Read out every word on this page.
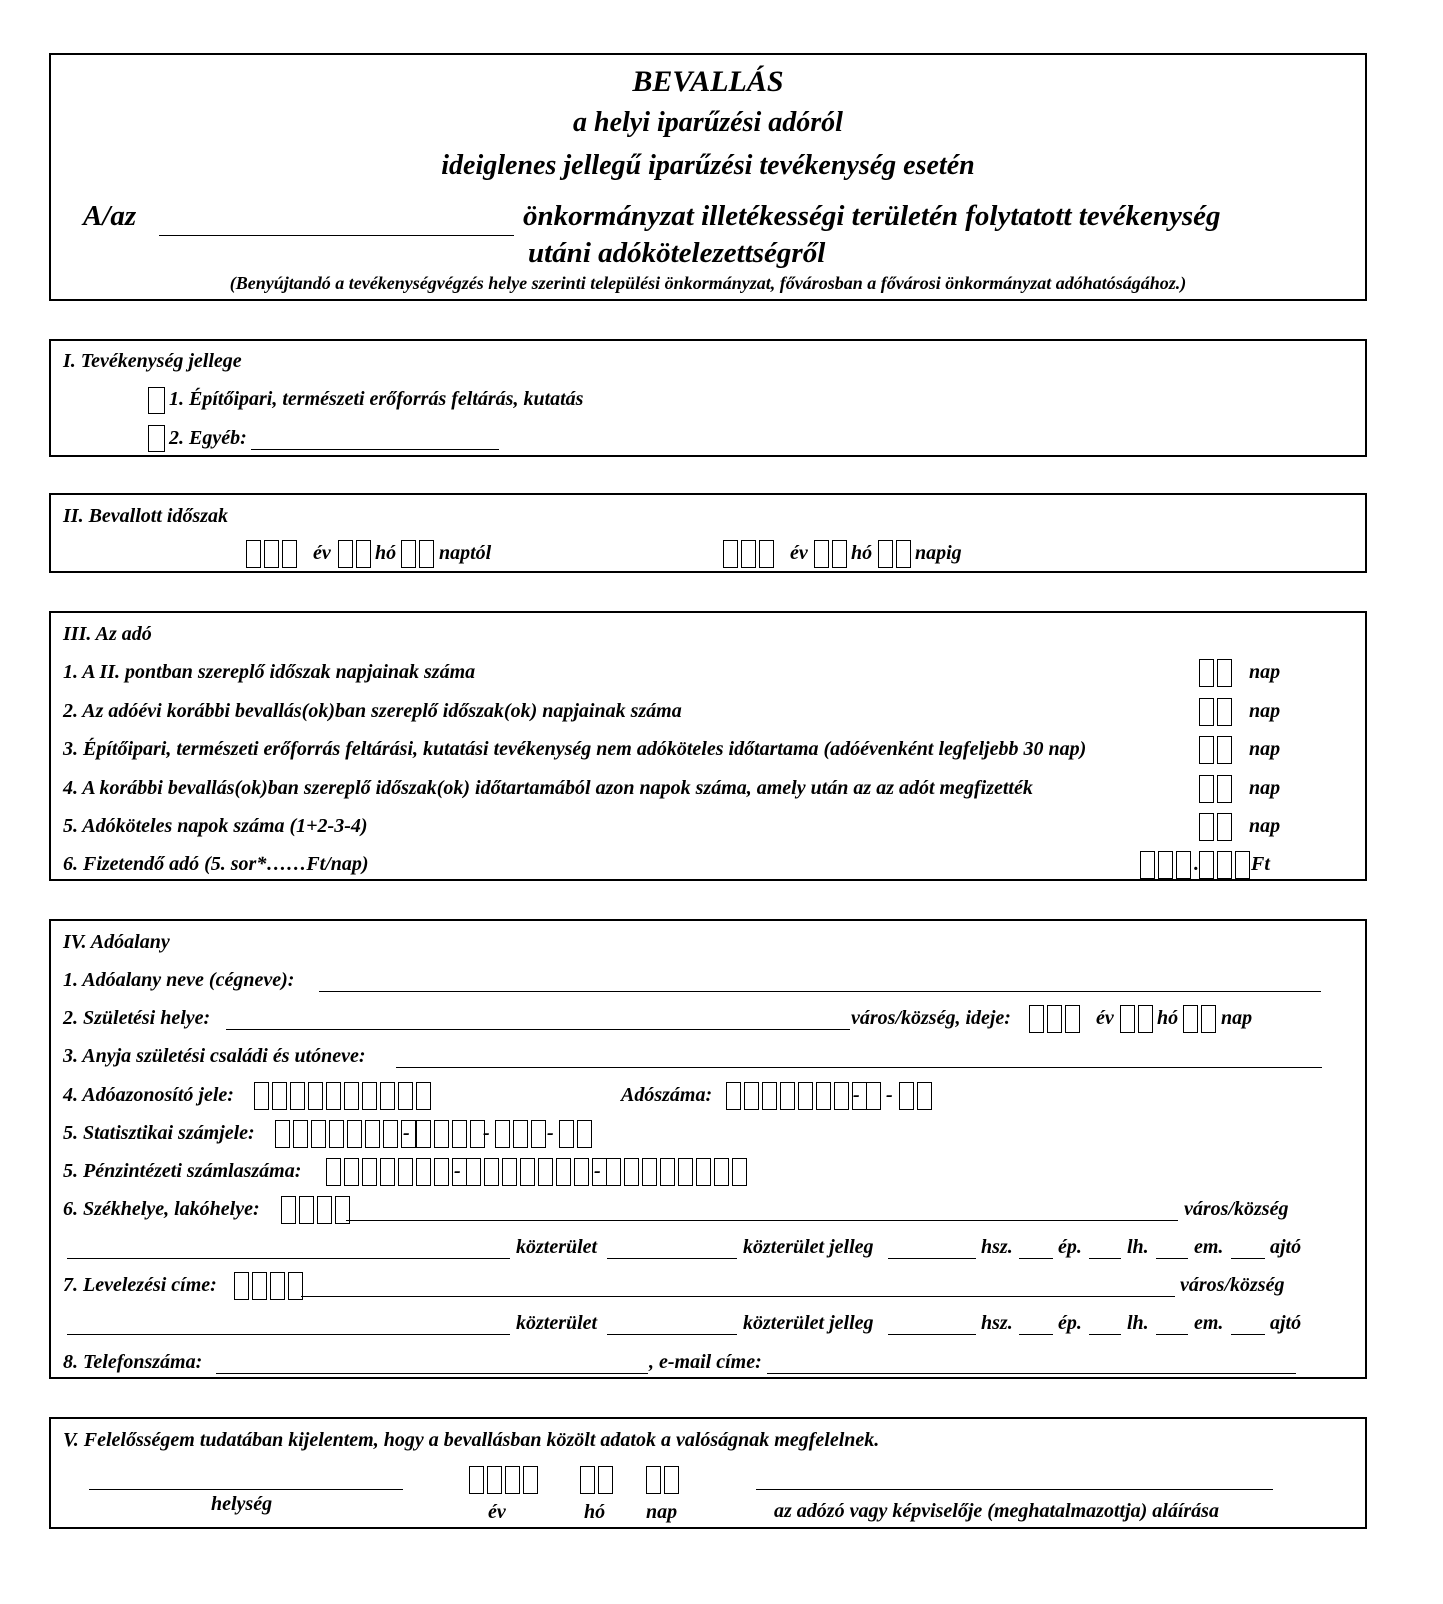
BEVALLÁS
a helyi iparűzési adóról
ideiglenes jellegű iparűzési tevékenység esetén
A/az	önkormányzat illetékességi területén folytatott tevékenység
utáni adókötelezettségről
(Benyújtandó a tevékenységvégzés helye szerinti települési önkormányzat, fővárosban a fővárosi önkormányzat adóhatóságához.)
I. Tevékenység jellege
1. Építőipari, természeti erőforrás feltárás, kutatás
2. Egyéb:
II. Bevallott időszak
év hó naptól	év hó napig
III. Az adó
1. A II. pontban szereplő időszak napjainak száma	nap
2. Az adóévi korábbi bevallás(ok)ban szereplő időszak(ok) napjainak száma	nap
3. Építőipari, természeti erőforrás feltárási, kutatási tevékenység nem adóköteles időtartama (adóévenként legfeljebb 30 nap)	nap
4. A korábbi bevallás(ok)ban szereplő időszak(ok) időtartamából azon napok száma, amely után az az adót megfizették	nap
5. Adóköteles napok száma (1+2-3-4)	nap
6. Fizetendő adó (5. sor*……Ft/nap)	.	Ft
IV. Adóalany
1. Adóalany neve (cégneve):
2. Születési helye:	város/község, ideje:	év hó nap
3. Anyja születési családi és utóneve:
4. Adóazonosító jele:	Adószáma:	- -
5. Statisztikai számjele:	-	-	-
5. Pénzintézeti számlaszáma:	-	-
6. Székhelye, lakóhelye:	város/község
közterület	közterület jelleg	hsz. ép. lh. em. ajtó
7. Levelezési címe:	város/község
közterület	közterület jelleg	hsz. ép. lh. em. ajtó
8. Telefonszáma:	, e-mail címe:
V. Felelősségem tudatában kijelentem, hogy a bevallásban közölt adatok a valóságnak megfelelnek.
helység	év	hó nap	az adózó vagy képviselője (meghatalmazottja) aláírása
